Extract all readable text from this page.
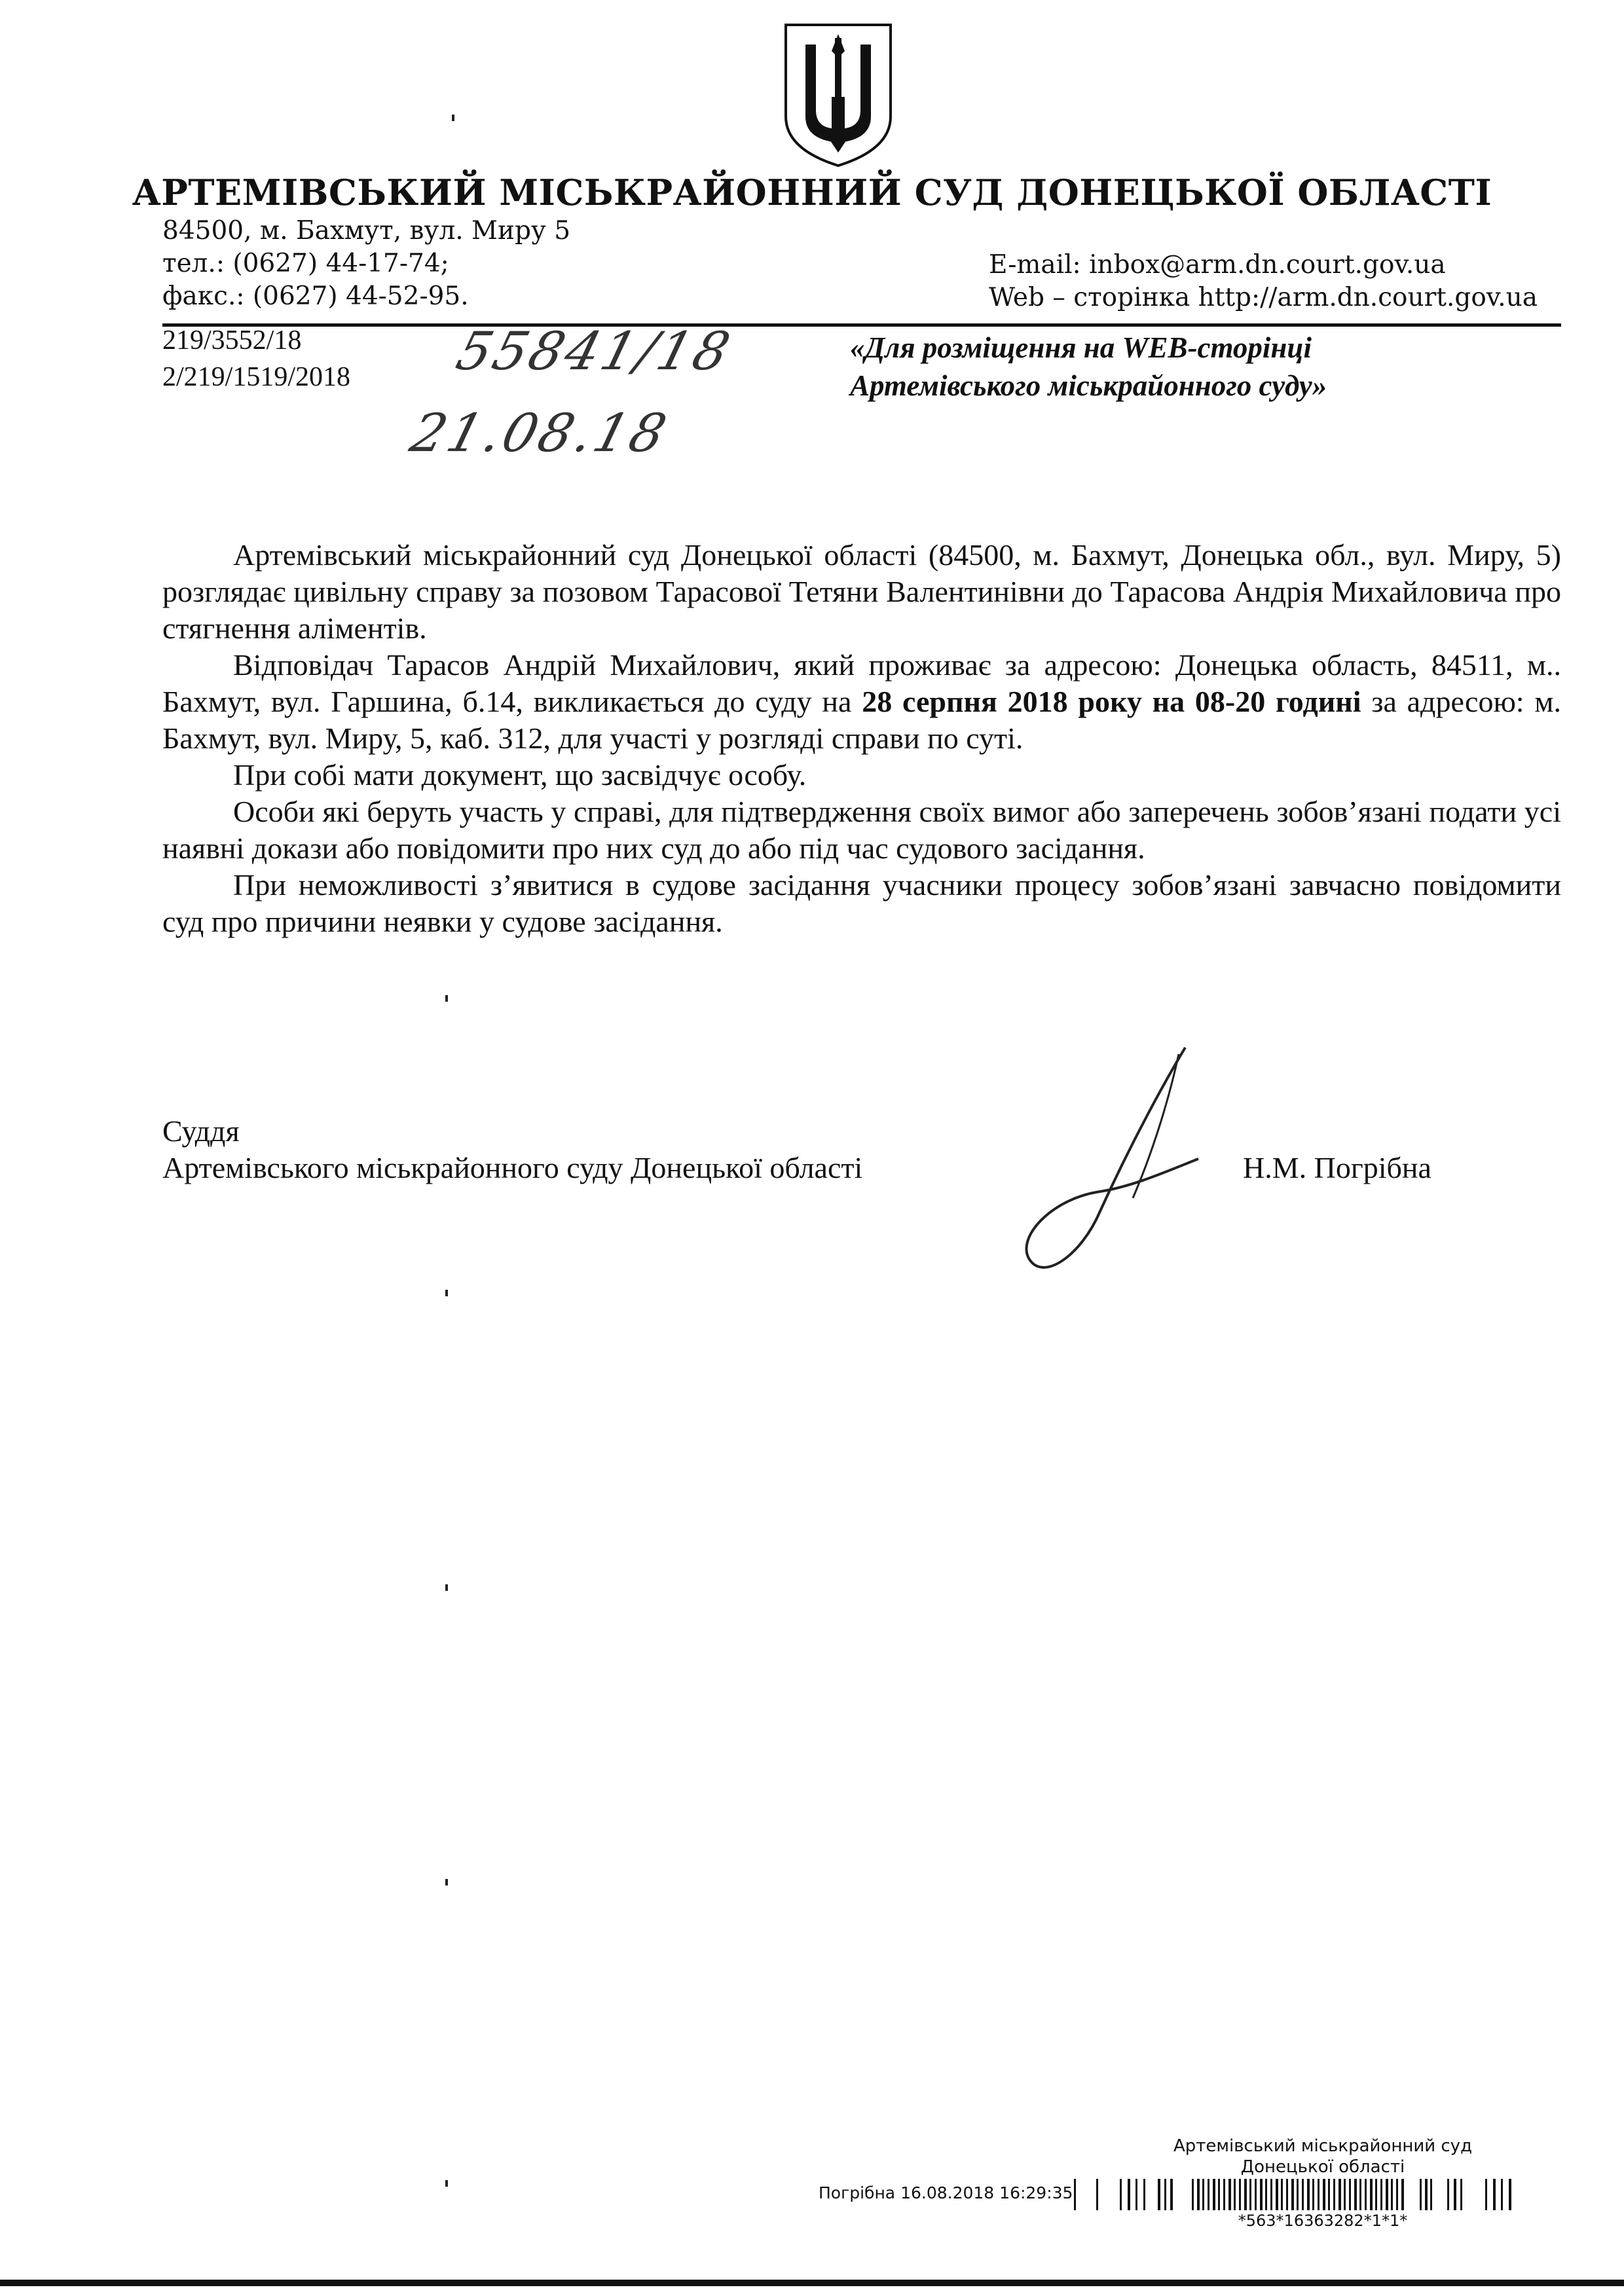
АРТЕМІВСЬКИЙ МІСЬКРАЙОННИЙ СУД ДОНЕЦЬКОЇ ОБЛАСТІ
84500, м. Бахмут, вул. Миру 5
тел.: (0627) 44-17-74;
факс.: (0627) 44-52-95.
E-mail: inbox@arm.dn.court.gov.ua
Web – сторінка http://arm.dn.court.gov.ua
219/3552/18
2/219/1519/2018 55841/18
21.08.18
«Для розміщення на WEB-сторінці
Артемівського міськрайонного суду»

Артемівський міськрайонний суд Донецької області (84500, м. Бахмут, Донецька обл., вул. Миру, 5) розглядає цивільну справу за позовом Тарасової Тетяни Валентинівни до Тарасова Андрія Михайловича про стягнення аліментів.

Відповідач Тарасов Андрій Михайлович, який проживає за адресою: Донецька область, 84511, м.. Бахмут, вул. Гаршина, б.14, викликається до суду на 28 серпня 2018 року на 08-20 годині за адресою: м. Бахмут, вул. Миру, 5, каб. 312, для участі у розгляді справи по суті.

При собі мати документ, що засвідчує особу.

Особи які беруть участь у справі, для підтвердження своїх вимог або заперечень зобов’язані подати усі наявні докази або повідомити про них суд до або під час судового засідання.

При неможливості з’явитися в судове засідання учасники процесу зобов’язані завчасно повідомити суд про причини неявки у судове засідання.

Суддя
Артемівського міськрайонного суду Донецької області	Н.М. Погрібна
Артемівський міськрайонний суд
Донецької області
Погрібна 16.08.2018 16:29:35
*563*16363282*1*1*
